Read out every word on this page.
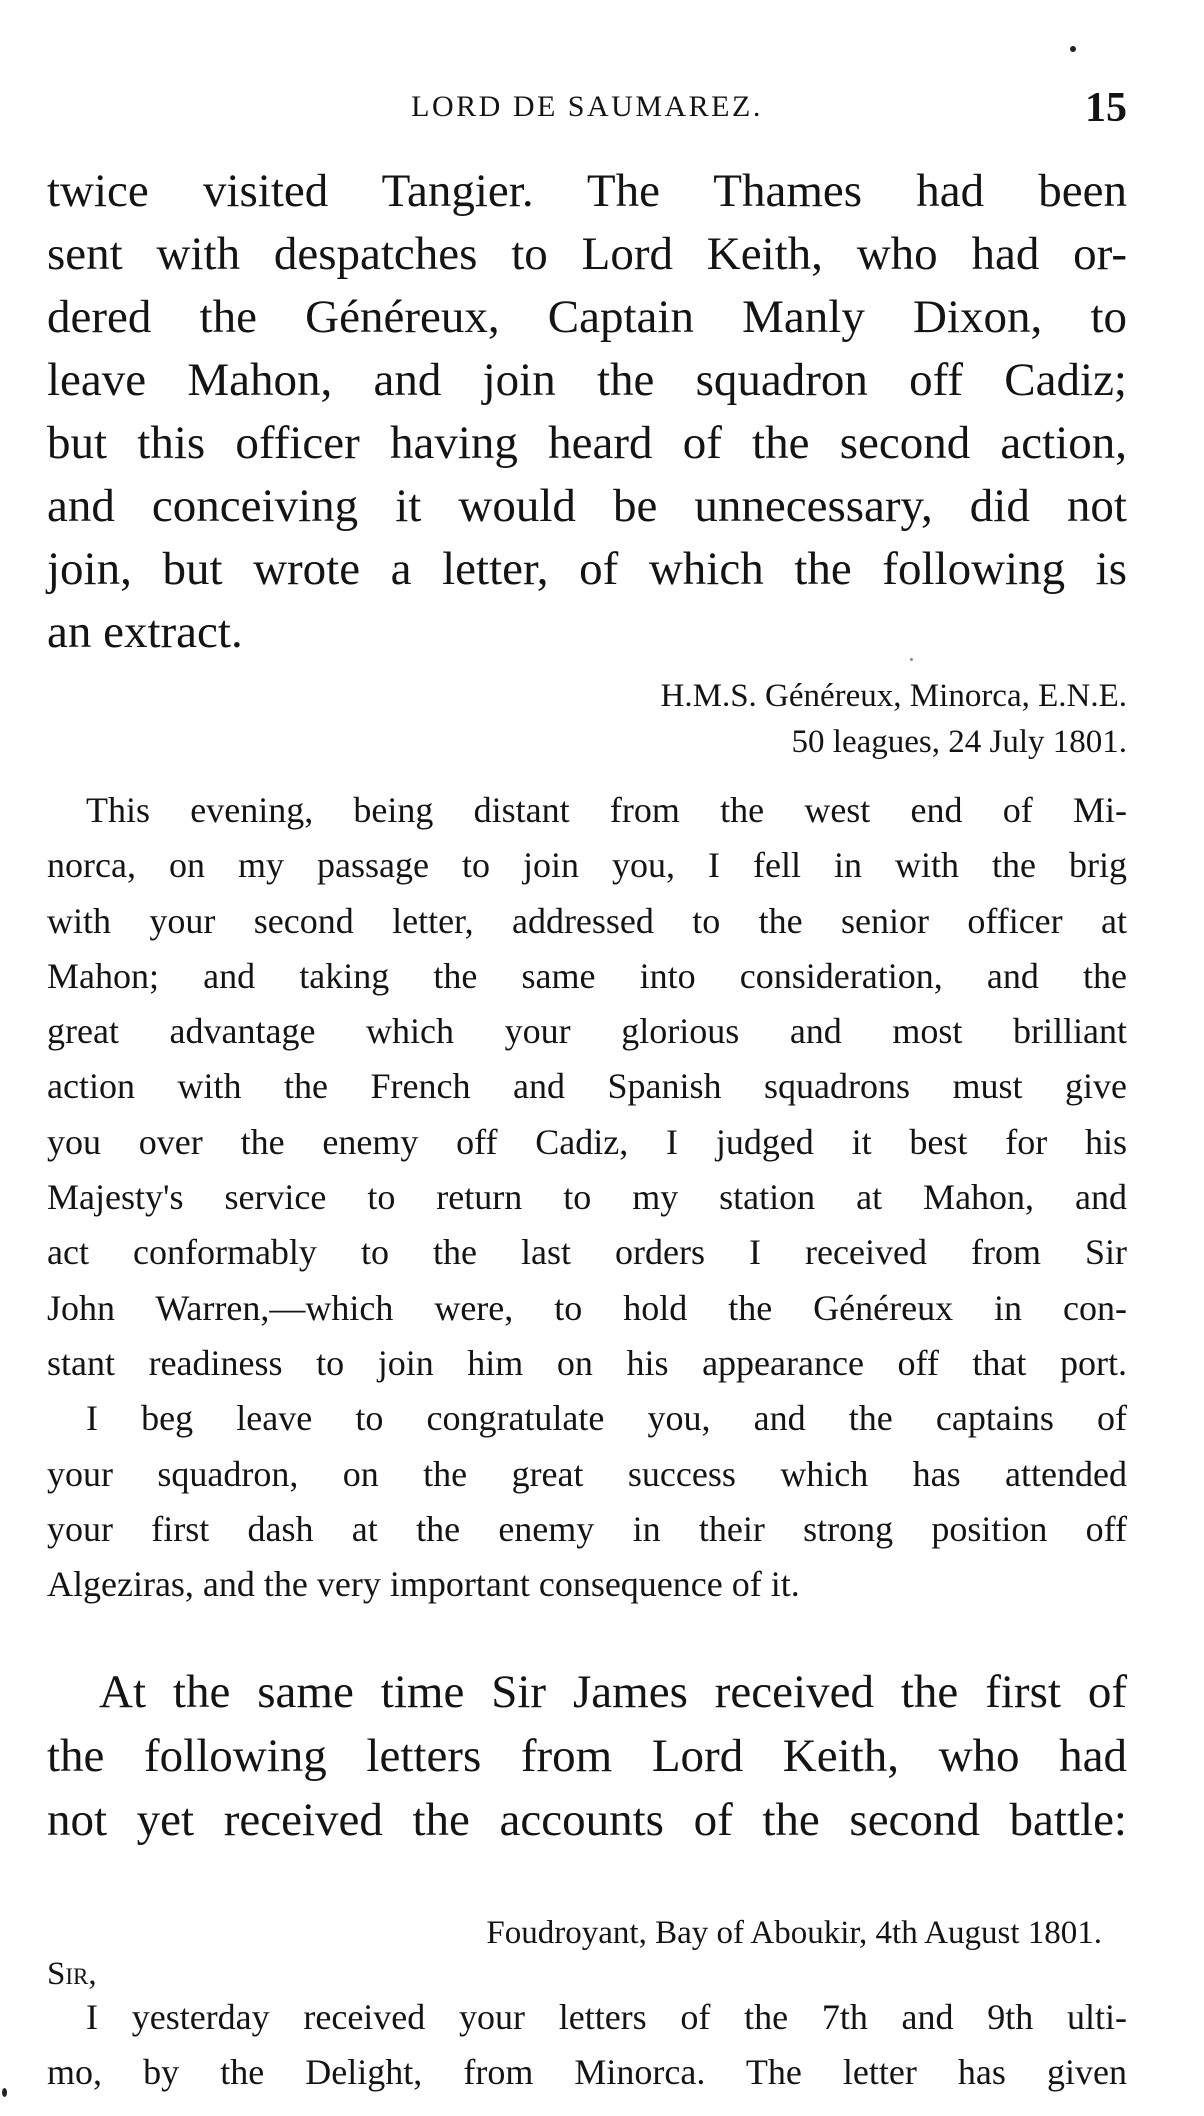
LORD DE SAUMAREZ.	15
twice visited Tangier. The Thames had been
sent with despatches to Lord Keith, who had or-
dered the Généreux, Captain Manly Dixon, to
leave Mahon, and join the squadron off Cadiz;
but this officer having heard of the second action,
and conceiving it would be unnecessary, did not
join, but wrote a letter, of which the following is
an extract.
H.M.S. Généreux, Minorca, E.N.E.
50 leagues, 24 July 1801.
This evening, being distant from the west end of Mi-
norca, on my passage to join you, I fell in with the brig
with your second letter, addressed to the senior officer at
Mahon; and taking the same into consideration, and the
great advantage which your glorious and most brilliant
action with the French and Spanish squadrons must give
you over the enemy off Cadiz, I judged it best for his
Majesty's service to return to my station at Mahon, and
act conformably to the last orders I received from Sir
John Warren,—which were, to hold the Généreux in con-
stant readiness to join him on his appearance off that port.
I beg leave to congratulate you, and the captains of
your squadron, on the great success which has attended
your first dash at the enemy in their strong position off
Algeziras, and the very important consequence of it.
At the same time Sir James received the first of
the following letters from Lord Keith, who had
not yet received the accounts of the second battle:
Foudroyant, Bay of Aboukir, 4th August 1801.
Sir,
I yesterday received your letters of the 7th and 9th ulti-
mo, by the Delight, from Minorca. The letter has given
